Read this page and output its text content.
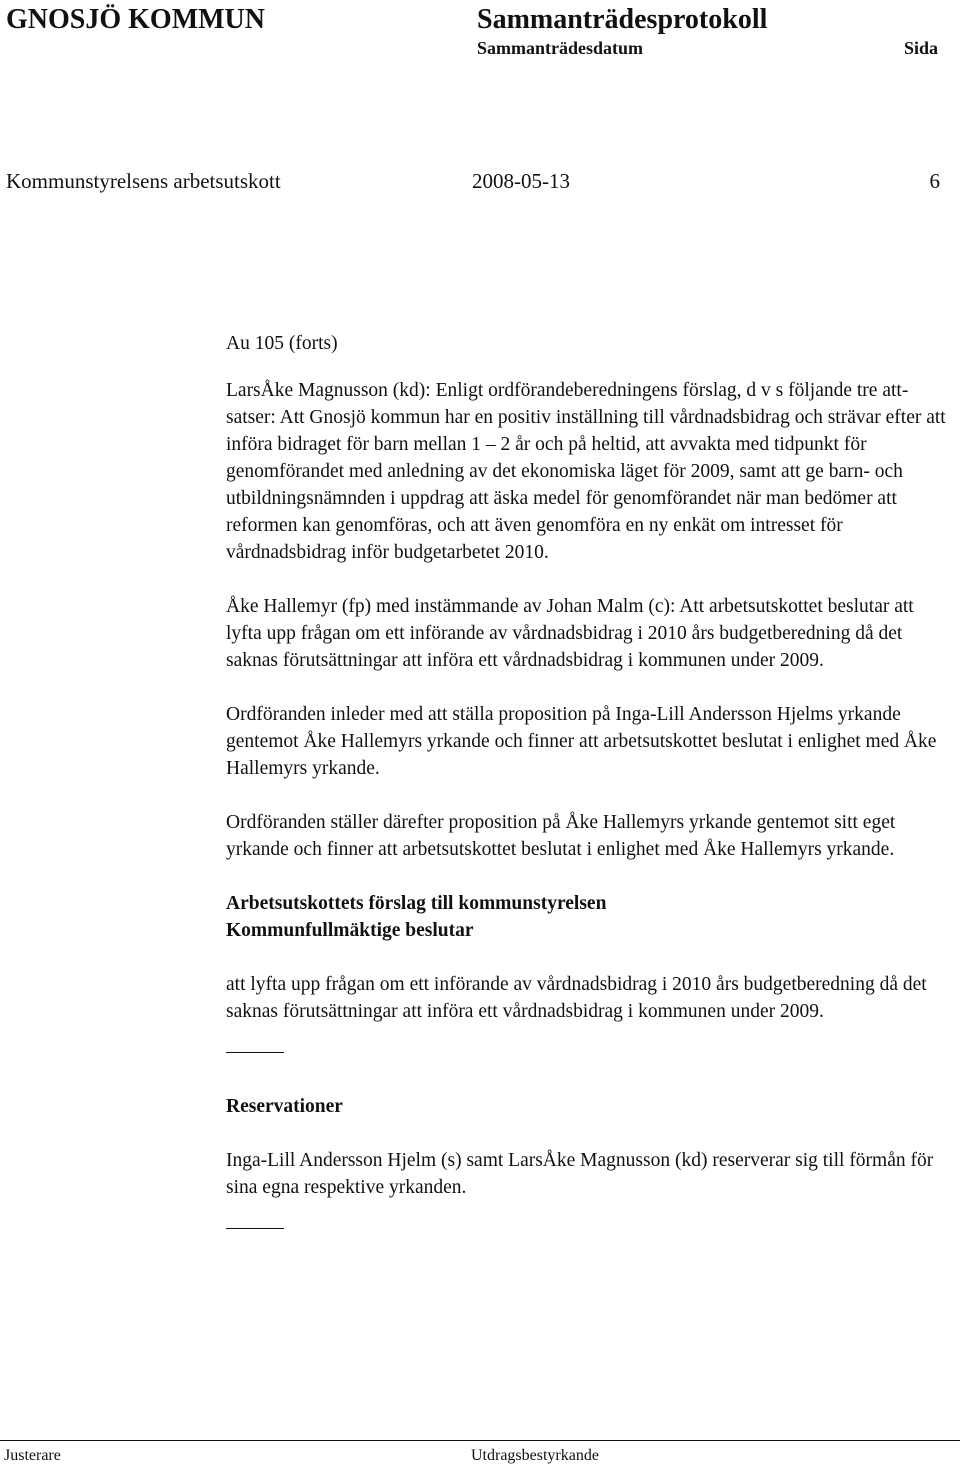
GNOSJÖ KOMMUN	Sammanträdesprotokoll
Sammanträdesdatum	Sida
Kommunstyrelsens arbetsutskott	2008-05-13	6
Au 105 (forts)

LarsÅke Magnusson (kd): Enligt ordförandeberedningens förslag, d v s följande tre att-satser: Att Gnosjö kommun har en positiv inställning till vårdnadsbidrag och strävar efter att införa bidraget för barn mellan 1 – 2 år och på heltid, att avvakta med tidpunkt för genomförandet med anledning av det ekonomiska läget för 2009, samt att ge barn- och utbildningsnämnden i uppdrag att äska medel för genomförandet när man bedömer att reformen kan genomföras, och att även genomföra en ny enkät om intresset för vårdnadsbidrag inför budgetarbetet 2010.

Åke Hallemyr (fp) med instämmande av Johan Malm (c): Att arbetsutskottet beslutar att lyfta upp frågan om ett införande av vårdnadsbidrag i 2010 års budgetberedning då det saknas förutsättningar att införa ett vårdnadsbidrag i kommunen under 2009.

Ordföranden inleder med att ställa proposition på Inga-Lill Andersson Hjelms yrkande gentemot Åke Hallemyrs yrkande och finner att arbetsutskottet beslutat i enlighet med Åke Hallemyrs yrkande.

Ordföranden ställer därefter proposition på Åke Hallemyrs yrkande gentemot sitt eget yrkande och finner att arbetsutskottet beslutat i enlighet med Åke Hallemyrs yrkande.

Arbetsutskottets förslag till kommunstyrelsen
Kommunfullmäktige beslutar

att lyfta upp frågan om ett införande av vårdnadsbidrag i 2010 års budgetberedning då det saknas förutsättningar att införa ett vårdnadsbidrag i kommunen under 2009.

Reservationer

Inga-Lill Andersson Hjelm (s) samt LarsÅke Magnusson (kd) reserverar sig till förmån för sina egna respektive yrkanden.

Justerare	Utdragsbestyrkande
